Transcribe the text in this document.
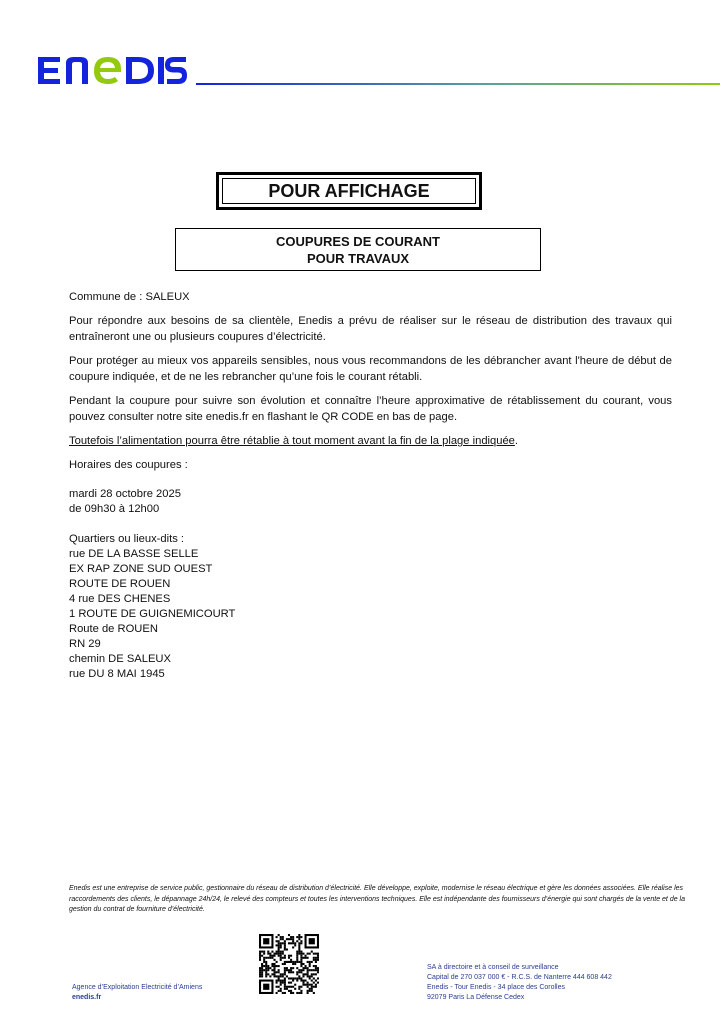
POUR AFFICHAGE
COUPURES DE COURANT
POUR TRAVAUX

Commune de : SALEUX

Pour répondre aux besoins de sa clientèle, Enedis a prévu de réaliser sur le réseau de distribution des travaux qui entraîneront une ou plusieurs coupures d’électricité.

Pour protéger au mieux vos appareils sensibles, nous vous recommandons de les débrancher avant l'heure de début de coupure indiquée, et de ne les rebrancher qu’une fois le courant rétabli.

Pendant la coupure pour suivre son évolution et connaître l’heure approximative de rétablissement du courant, vous pouvez consulter notre site enedis.fr en flashant le QR CODE en bas de page.

Toutefois l’alimentation pourra être rétablie à tout moment avant la fin de la plage indiquée.

Horaires des coupures :

mardi 28 octobre 2025
de 09h30 à 12h00
Quartiers ou lieux-dits :
rue DE LA BASSE SELLE
EX RAP ZONE SUD OUEST
ROUTE DE ROUEN
4 rue DES CHENES
1 ROUTE DE GUIGNEMICOURT
Route de ROUEN
RN 29
chemin DE SALEUX
rue DU 8 MAI 1945
Enedis est une entreprise de service public, gestionnaire du réseau de distribution d’électricité. Elle développe, exploite, modernise le réseau électrique et gère les données associées. Elle réalise les raccordements des clients, le dépannage 24h/24, le relevé des compteurs et toutes les interventions techniques. Elle est indépendante des fournisseurs d’énergie qui sont chargés de la vente et de la gestion du contrat de fourniture d’électricité.
Agence d’Exploitation Electricité d’Amiens
enedis.fr
SA à directoire et à conseil de surveillance
Capital de 270 037 000 € - R.C.S. de Nanterre 444 608 442
Enedis - Tour Enedis - 34 place des Corolles
92079 Paris La Défense Cedex
